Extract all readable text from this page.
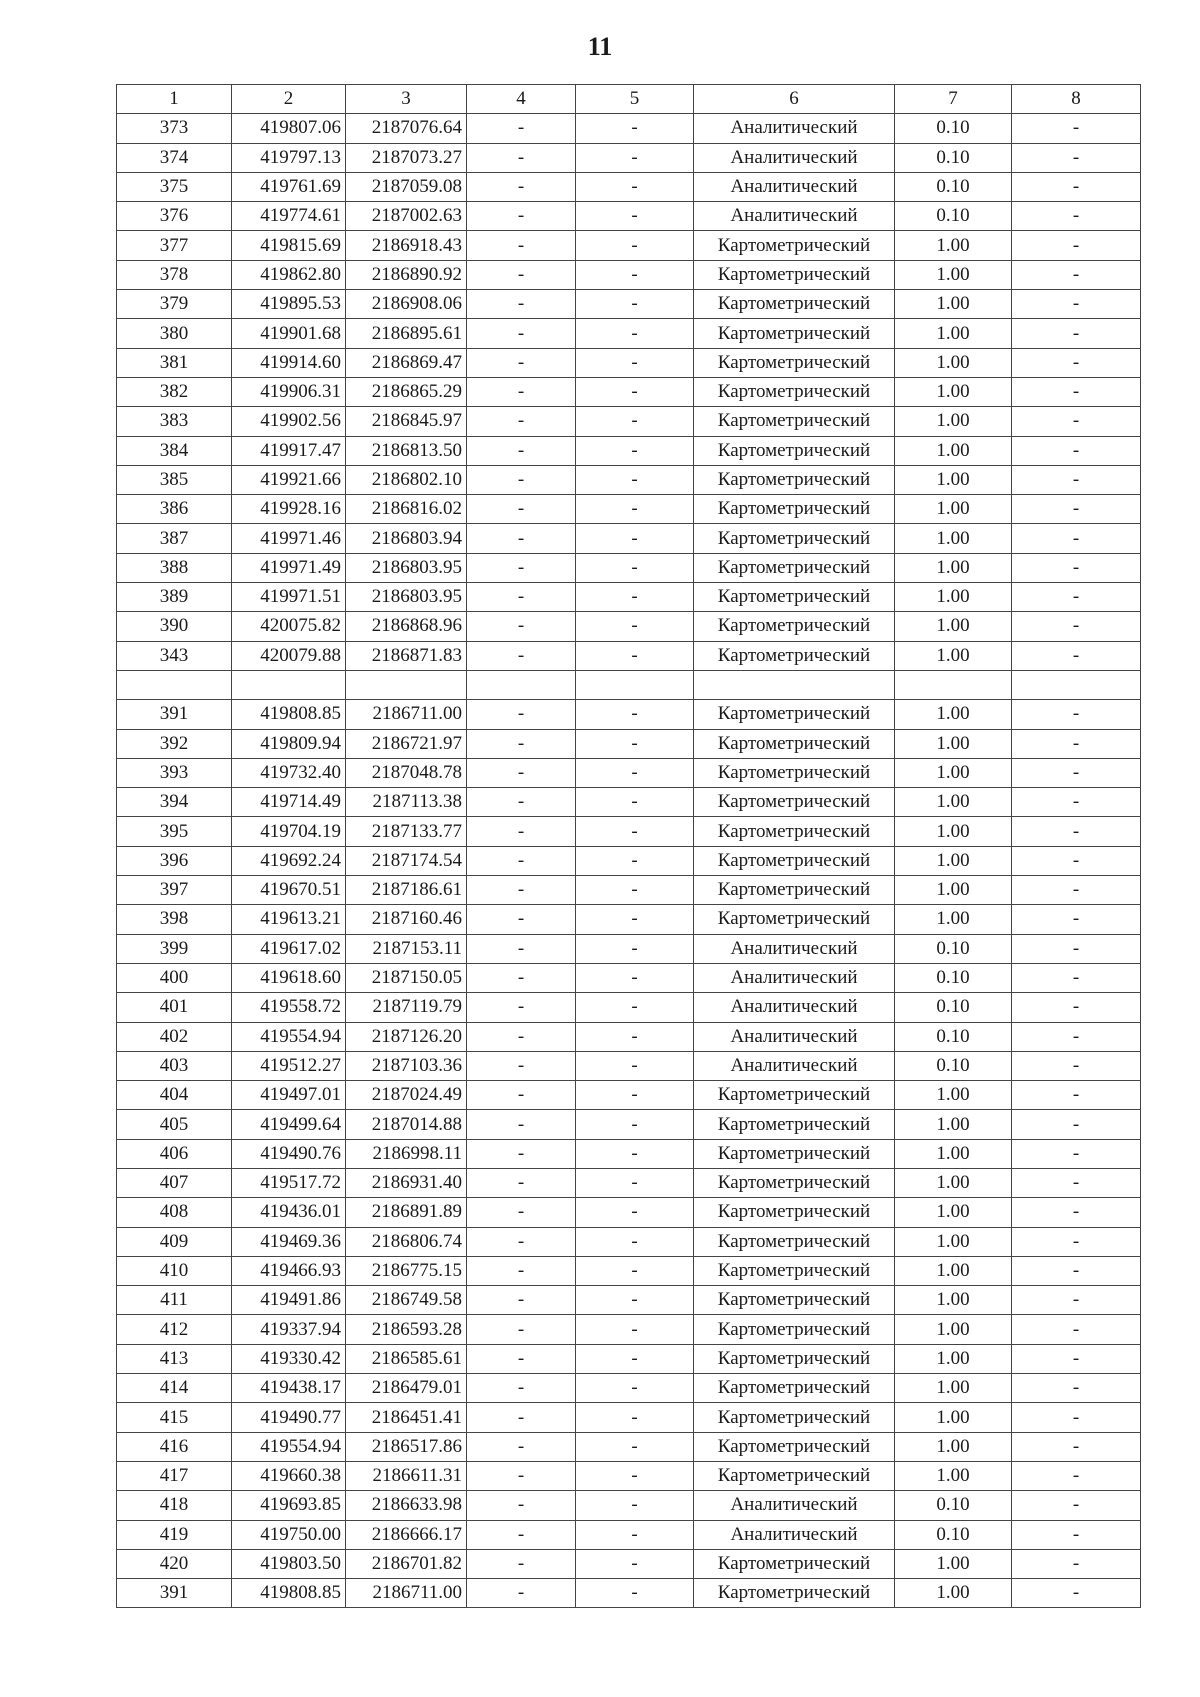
11
1	2	3	4	5	6	7	8
373	419807.06	2187076.64	-	-	Аналитический	0.10	-
374	419797.13	2187073.27	-	-	Аналитический	0.10	-
375	419761.69	2187059.08	-	-	Аналитический	0.10	-
376	419774.61	2187002.63	-	-	Аналитический	0.10	-
377	419815.69	2186918.43	-	-	Картометрический	1.00	-
378	419862.80	2186890.92	-	-	Картометрический	1.00	-
379	419895.53	2186908.06	-	-	Картометрический	1.00	-
380	419901.68	2186895.61	-	-	Картометрический	1.00	-
381	419914.60	2186869.47	-	-	Картометрический	1.00	-
382	419906.31	2186865.29	-	-	Картометрический	1.00	-
383	419902.56	2186845.97	-	-	Картометрический	1.00	-
384	419917.47	2186813.50	-	-	Картометрический	1.00	-
385	419921.66	2186802.10	-	-	Картометрический	1.00	-
386	419928.16	2186816.02	-	-	Картометрический	1.00	-
387	419971.46	2186803.94	-	-	Картометрический	1.00	-
388	419971.49	2186803.95	-	-	Картометрический	1.00	-
389	419971.51	2186803.95	-	-	Картометрический	1.00	-
390	420075.82	2186868.96	-	-	Картометрический	1.00	-
343	420079.88	2186871.83	-	-	Картометрический	1.00	-

391	419808.85	2186711.00	-	-	Картометрический	1.00	-
392	419809.94	2186721.97	-	-	Картометрический	1.00	-
393	419732.40	2187048.78	-	-	Картометрический	1.00	-
394	419714.49	2187113.38	-	-	Картометрический	1.00	-
395	419704.19	2187133.77	-	-	Картометрический	1.00	-
396	419692.24	2187174.54	-	-	Картометрический	1.00	-
397	419670.51	2187186.61	-	-	Картометрический	1.00	-
398	419613.21	2187160.46	-	-	Картометрический	1.00	-
399	419617.02	2187153.11	-	-	Аналитический	0.10	-
400	419618.60	2187150.05	-	-	Аналитический	0.10	-
401	419558.72	2187119.79	-	-	Аналитический	0.10	-
402	419554.94	2187126.20	-	-	Аналитический	0.10	-
403	419512.27	2187103.36	-	-	Аналитический	0.10	-
404	419497.01	2187024.49	-	-	Картометрический	1.00	-
405	419499.64	2187014.88	-	-	Картометрический	1.00	-
406	419490.76	2186998.11	-	-	Картометрический	1.00	-
407	419517.72	2186931.40	-	-	Картометрический	1.00	-
408	419436.01	2186891.89	-	-	Картометрический	1.00	-
409	419469.36	2186806.74	-	-	Картометрический	1.00	-
410	419466.93	2186775.15	-	-	Картометрический	1.00	-
411	419491.86	2186749.58	-	-	Картометрический	1.00	-
412	419337.94	2186593.28	-	-	Картометрический	1.00	-
413	419330.42	2186585.61	-	-	Картометрический	1.00	-
414	419438.17	2186479.01	-	-	Картометрический	1.00	-
415	419490.77	2186451.41	-	-	Картометрический	1.00	-
416	419554.94	2186517.86	-	-	Картометрический	1.00	-
417	419660.38	2186611.31	-	-	Картометрический	1.00	-
418	419693.85	2186633.98	-	-	Аналитический	0.10	-
419	419750.00	2186666.17	-	-	Аналитический	0.10	-
420	419803.50	2186701.82	-	-	Картометрический	1.00	-
391	419808.85	2186711.00	-	-	Картометрический	1.00	-
